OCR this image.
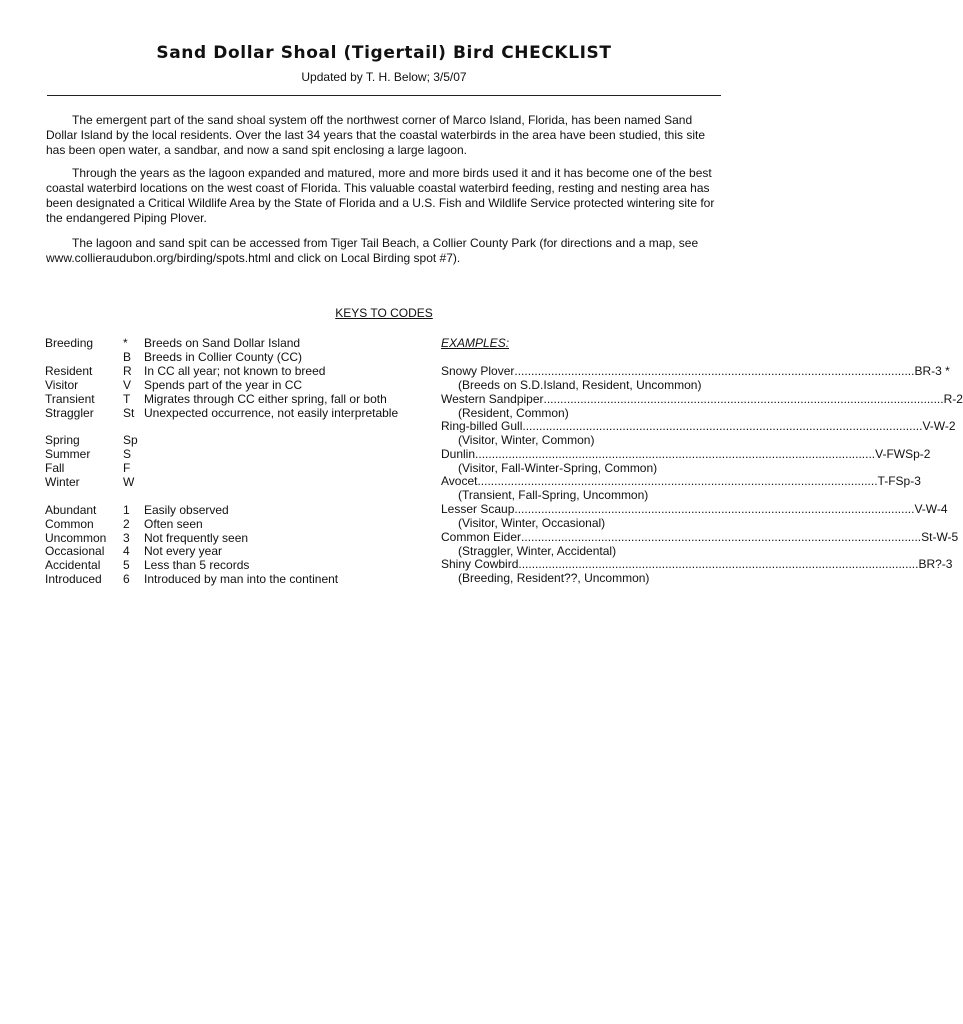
Sand Dollar Shoal (Tigertail) Bird CHECKLIST
Updated by T. H. Below; 3/5/07

The emergent part of the sand shoal system off the northwest corner of Marco Island, Florida, has been named Sand Dollar Island by the local residents. Over the last 34 years that the coastal waterbirds in the area have been studied, this site has been open water, a sandbar, and now a sand spit enclosing a large lagoon.

Through the years as the lagoon expanded and matured, more and more birds used it and it has become one of the best coastal waterbird locations on the west coast of Florida. This valuable coastal waterbird feeding, resting and nesting area has been designated a Critical Wildlife Area by the State of Florida and a U.S. Fish and Wildlife Service protected wintering site for the endangered Piping Plover.

The lagoon and sand spit can be accessed from Tiger Tail Beach, a Collier County Park (for directions and a map, see www.collieraudubon.org/birding/spots.html and click on Local Birding spot #7).

KEYS TO CODES
Breeding * Breeds on Sand Dollar Island
B Breeds in Collier County (CC)
Resident	R In CC all year; not known to breed
Visitor	V Spends part of the year in CC
Transient T Migrates through CC either spring, fall or both
Straggler St Unexpected occurrence, not easily interpretable
Spring	Sp
Summer	S
Fall	F
Winter	W
Abundant 1 Easily observed
Common 2 Often seen
Uncommon 3 Not frequently seen
Occasional 4 Not every year
Accidental 5 Less than 5 records
Introduced 6 Introduced by man into the continent
EXAMPLES:
Snowy Plover ........................................................................................................................ BR-3 *
(Breeds on S.D.Island, Resident, Uncommon)
Western Sandpiper ........................................................................................................................ R-2
(Resident, Common)
Ring-billed Gull ........................................................................................................................ V-W-2
(Visitor, Winter, Common)
Dunlin ........................................................................................................................ V-FWSp-2
(Visitor, Fall-Winter-Spring, Common)
Avocet ........................................................................................................................ T-FSp-3
(Transient, Fall-Spring, Uncommon)
Lesser Scaup ........................................................................................................................ V-W-4
(Visitor, Winter, Occasional)
Common Eider ........................................................................................................................ St-W-5
(Straggler, Winter, Accidental)
Shiny Cowbird ........................................................................................................................ BR?-3
(Breeding, Resident??, Uncommon)
